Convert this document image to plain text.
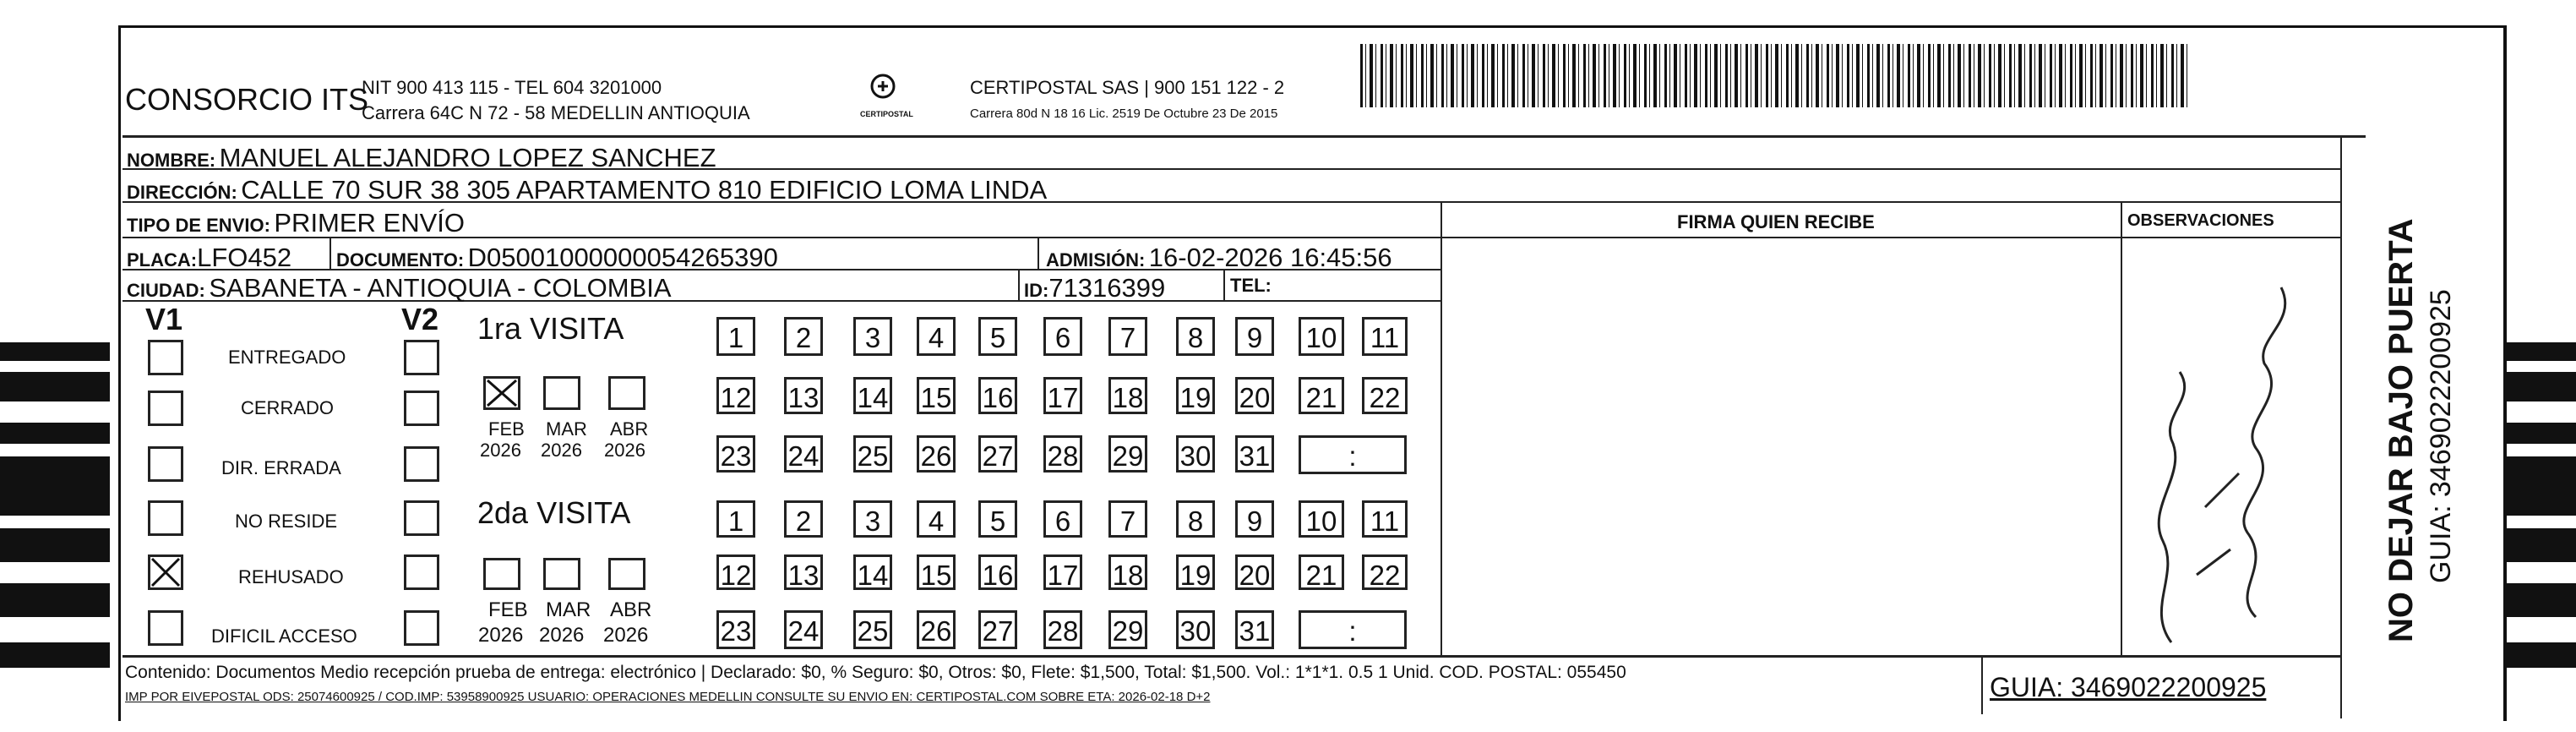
CONSORCIO ITS
NIT 900 413 115 - TEL 604 3201000
Carrera 64C N 72 - 58 MEDELLIN ANTIOQUIA	CERTIPOSTAL
CERTIPOSTAL SAS | 900 151 122 - 2
Carrera 80d N 18 16 Lic. 2519 De Octubre 23 De 2015
NOMBRE: MANUEL ALEJANDRO LOPEZ SANCHEZ
DIRECCIÓN: CALLE 70 SUR 38 305 APARTAMENTO 810 EDIFICIO LOMA LINDA
TIPO DE ENVIO: PRIMER ENVÍO
PLACA:LFO452 DOCUMENTO: D05001000000054265390	ADMISIÓN: 16-02-2026 16:45:56
CIUDAD: SABANETA - ANTIOQUIA - COLOMBIA	ID:71316399	TEL:
FIRMA QUIEN RECIBE	OBSERVACIONES
V1	V2
ENTREGADO
CERRADO
DIR. ERRADA
NO RESIDE
REHUSADO
DIFICIL ACCESO
1ra VISITA
FEB MAR ABR
2026 2026 2026
1	2	3	4	5	6	7	8	9	10 11
12 13 14 15 16 17 18 19 20 21 22
23 24 25 26 27 28 29 30 31	:
2da VISITA
FEB MAR ABR
2026 2026 2026
1	2	3	4	5	6	7	8	9	10 11
12 13 14 15 16 17 18 19 20 21 22
23 24 25 26 27 28 29 30 31	:	NO DEJAR BAJO PUERTA GUIA: 3469022200925
Contenido: Documentos Medio recepción prueba de entrega: electrónico | Declarado: $0, % Seguro: $0, Otros: $0, Flete: $1,500, Total: $1,500. Vol.: 1*1*1. 0.5 1 Unid. COD. POSTAL: 055450
IMP POR EIVEPOSTAL ODS: 25074600925 / COD.IMP: 53958900925 USUARIO: OPERACIONES MEDELLIN CONSULTE SU ENVIO EN: CERTIPOSTAL.COM SOBRE ETA: 2026-02-18 D+2	GUIA: 3469022200925
